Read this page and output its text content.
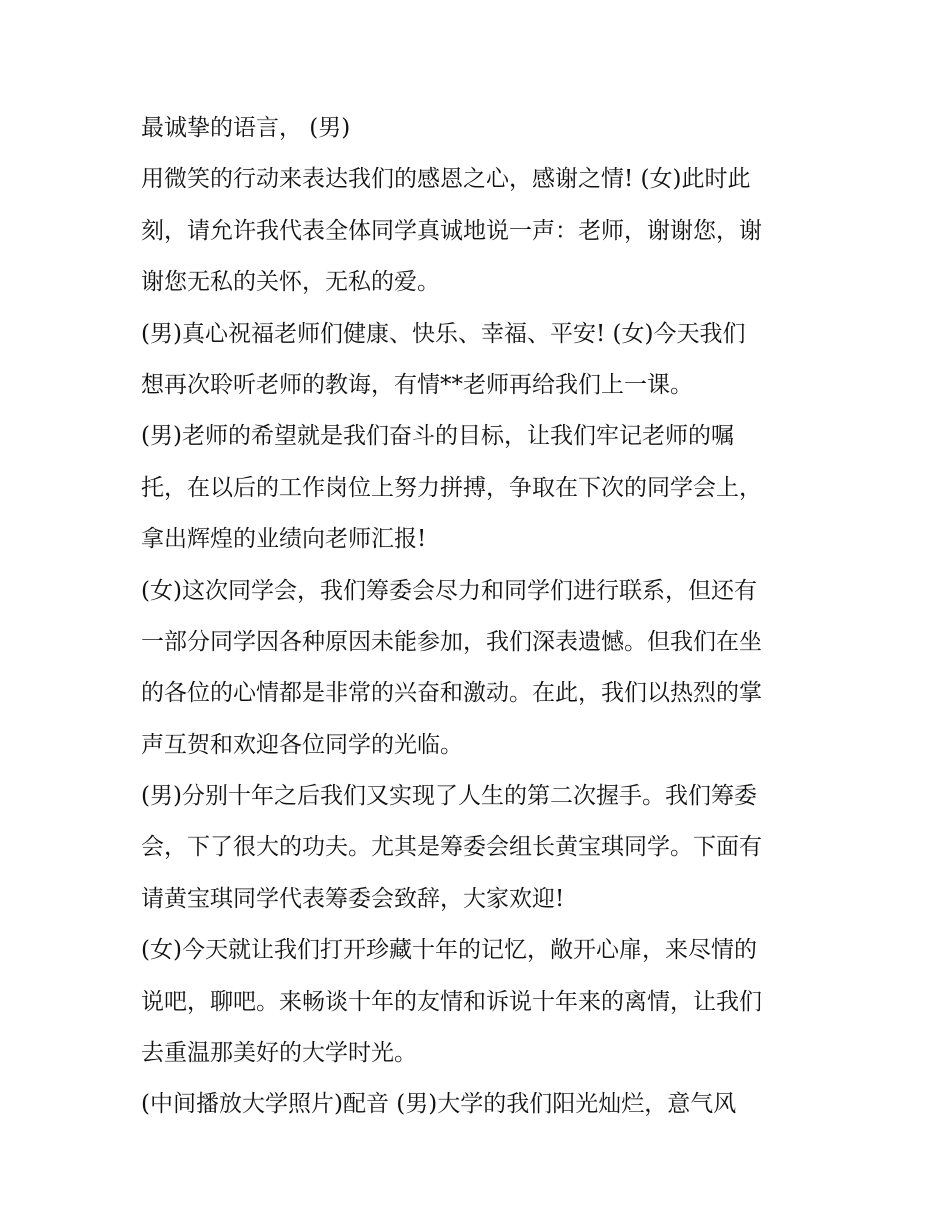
最诚挚的语言， (男)
用微笑的行动来表达我们的感恩之心，感谢之情! (女)此时此
刻，请允许我代表全体同学真诚地说一声：老师，谢谢您，谢
谢您无私的关怀，无私的爱。
(男)真心祝福老师们健康、快乐、幸福、平安! (女)今天我们
想再次聆听老师的教诲，有情**老师再给我们上一课。
(男)老师的希望就是我们奋斗的目标，让我们牢记老师的嘱
托，在以后的工作岗位上努力拼搏，争取在下次的同学会上，
拿出辉煌的业绩向老师汇报!
(女)这次同学会，我们筹委会尽力和同学们进行联系，但还有
一部分同学因各种原因未能参加，我们深表遗憾。但我们在坐
的各位的心情都是非常的兴奋和激动。在此，我们以热烈的掌
声互贺和欢迎各位同学的光临。
(男)分别十年之后我们又实现了人生的第二次握手。我们筹委
会，下了很大的功夫。尤其是筹委会组长黄宝琪同学。下面有
请黄宝琪同学代表筹委会致辞，大家欢迎!
(女)今天就让我们打开珍藏十年的记忆，敞开心扉，来尽情的
说吧，聊吧。来畅谈十年的友情和诉说十年来的离情，让我们
去重温那美好的大学时光。
(中间播放大学照片)配音 (男)大学的我们阳光灿烂，意气风
